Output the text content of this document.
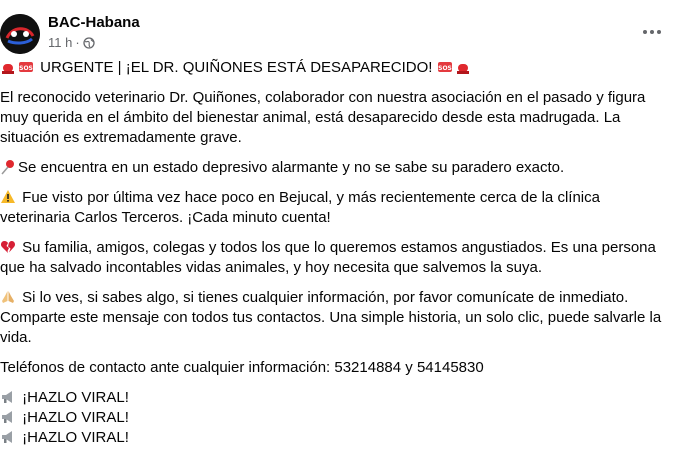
BAC-Habana
11 h ·

SOS URGENTE | ¡EL DR. QUIÑONES ESTÁ DESAPARECIDO! SOS

El reconocido veterinario Dr. Quiñones, colaborador con nuestra asociación en el pasado y figura muy querida en el ámbito del bienestar animal, está desaparecido desde esta madrugada. La situación es extremadamente grave.

Se encuentra en un estado depresivo alarmante y no se sabe su paradero exacto.

Fue visto por última vez hace poco en Bejucal, y más recientemente cerca de la clínica veterinaria Carlos Terceros. ¡Cada minuto cuenta!

Su familia, amigos, colegas y todos los que lo queremos estamos angustiados. Es una persona que ha salvado incontables vidas animales, y hoy necesita que salvemos la suya.

Si lo ves, si sabes algo, si tienes cualquier información, por favor comunícate de inmediato. Comparte este mensaje con todos tus contactos. Una simple historia, un solo clic, puede salvarle la vida.

Teléfonos de contacto ante cualquier información: 53214884 y 54145830

¡HAZLO VIRAL!

¡HAZLO VIRAL!

¡HAZLO VIRAL!
